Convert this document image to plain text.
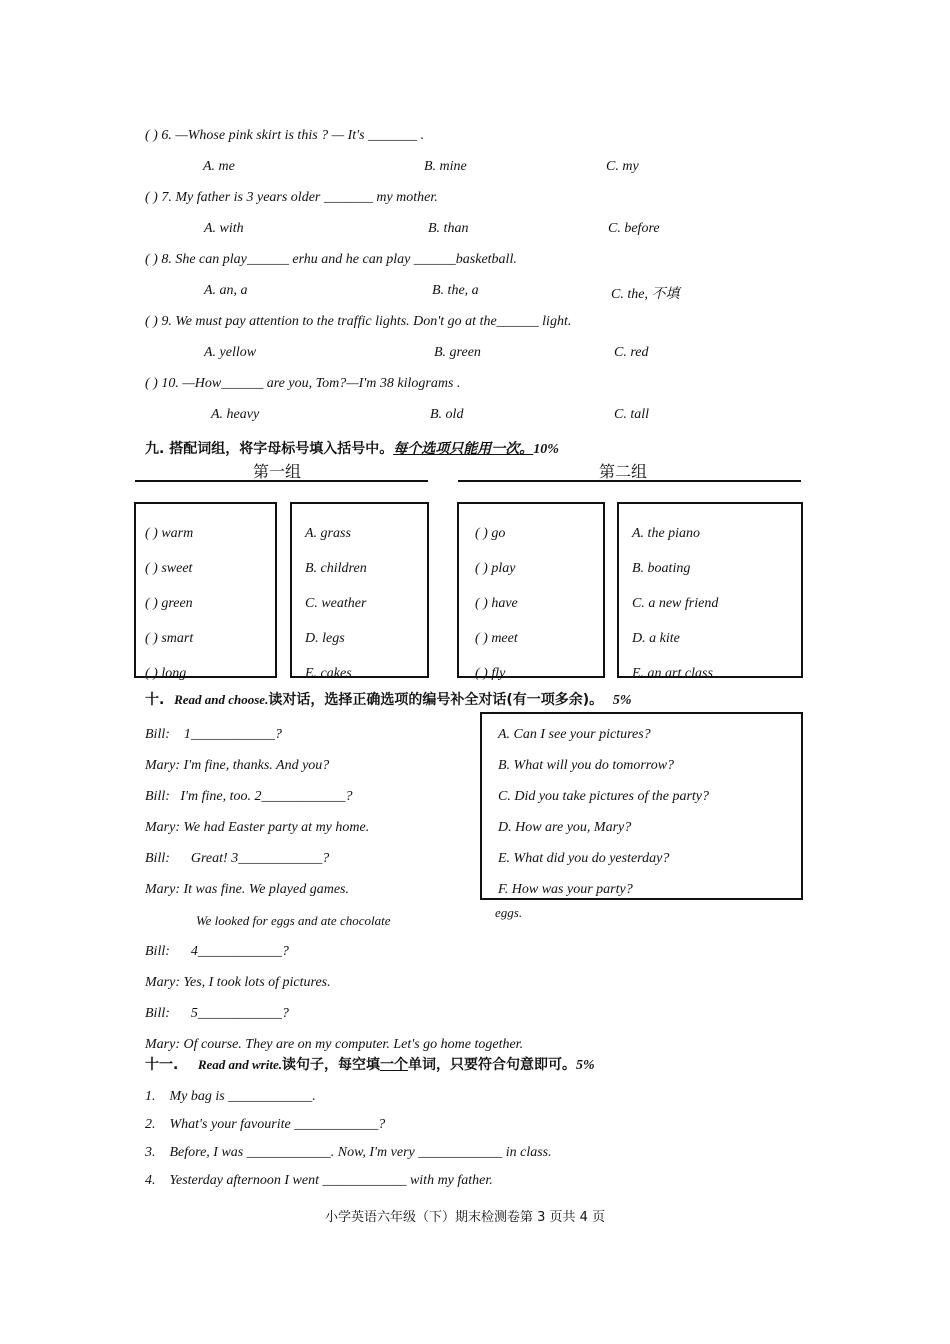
( ) 6. —Whose pink skirt is this ? — It's _______ .
A. me	B. mine	C. my
( ) 7. My father is 3 years older _______ my mother.
A. with	B. than	C. before
( ) 8. She can play______ erhu and he can play ______basketball.
A. an, a	B. the, a	C. the, 不填
( ) 9. We must pay attention to the traffic lights. Don't go at the______ light.
A. yellow	B. green	C. red
( ) 10. —How______ are you, Tom?—I'm 38 kilograms .
A. heavy	B. old	C. tall
九. 搭配词组，将字母标号填入括号中。每个选项只能用一次。10%
第一组	第二组
( ) warm
( ) sweet
( ) green
( ) smart
( ) long
A. grass
B. children
C. weather
D. legs
E. cakes
( ) go
( ) play
( ) have
( ) meet
( ) fly
A. the piano
B. boating
C. a new friend
D. a kite
E. an art class
十. Read and choose.读对话，选择正确选项的编号补全对话(有一项多余)。 5%
Bill:    1____________?
Mary: I'm fine, thanks. And you?
Bill:   I'm fine, too. 2____________?
Mary: We had Easter party at my home.
Bill:      Great! 3____________?
Mary: It was fine. We played games.
We looked for eggs and ate chocolate
Bill:      4____________?
Mary: Yes, I took lots of pictures.
Bill:      5____________?
Mary: Of course. They are on my computer. Let's go home together.
eggs.
A. Can I see your pictures?
B. What will you do tomorrow?
C. Did you take pictures of the party?
D. How are you, Mary?
E. What did you do yesterday?
F. How was your party?
十一. Read and write.读句子，每空填一个单词，只要符合句意即可。5%
1.    My bag is ____________.
2.    What's your favourite ____________?
3.    Before, I was ____________. Now, I'm very ____________ in class.
4.    Yesterday afternoon I went ____________ with my father.
小学英语六年级（下）期末检测卷第 3 页共 4 页
